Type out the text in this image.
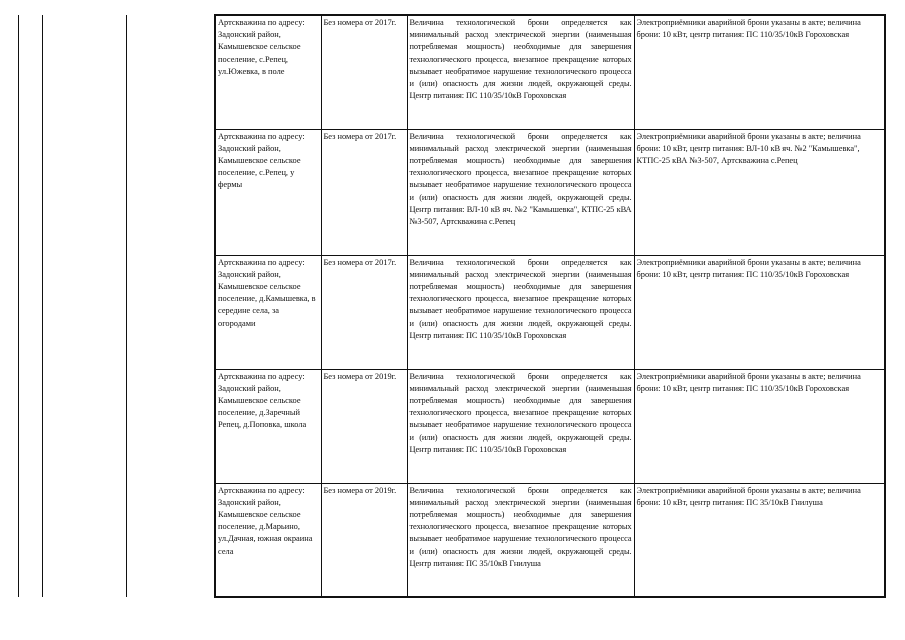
Артскважина по адресу: Задонский район, Камышевское сельское поселение, с.Репец, ул.Южевка, в поле	Без номера от 2017г.	Величина технологической брони определяется как минимальный расход электрической энергии (наименьшая потребляемая мощность) необходимые для завершения технологического процесса, внезапное прекращение которых вызывает необратимое нарушение технологического процесса и (или) опасность для жизни людей, окружающей среды. Центр питания: ПС 110/35/10кВ Гороховская	Электроприёмники аварийной брони указаны в акте; величина брони: 10 кВт, центр питания: ПС 110/35/10кВ Гороховская
Артскважина по адресу: Задонский район, Камышевское сельское поселение, с.Репец, у фермы	Без номера от 2017г.	Величина технологической брони определяется как минимальный расход электрической энергии (наименьшая потребляемая мощность) необходимые для завершения технологического процесса, внезапное прекращение которых вызывает необратимое нарушение технологического процесса и (или) опасность для жизни людей, окружающей среды. Центр питания: ВЛ-10 кВ яч. №2 "Камышевка", КТПС-25 кВА №3-507, Артскважина с.Репец	Электроприёмники аварийной брони указаны в акте; величина брони: 10 кВт, центр питания: ВЛ-10 кВ яч. №2 "Камышевка", КТПС-25 кВА №3-507, Артскважина с.Репец
Артскважина по адресу: Задонский район, Камышевское сельское поселение, д.Камышевка, в середине села, за огородами	Без номера от 2017г.	Величина технологической брони определяется как минимальный расход электрической энергии (наименьшая потребляемая мощность) необходимые для завершения технологического процесса, внезапное прекращение которых вызывает необратимое нарушение технологического процесса и (или) опасность для жизни людей, окружающей среды. Центр питания: ПС 110/35/10кВ Гороховская	Электроприёмники аварийной брони указаны в акте; величина брони: 10 кВт, центр питания: ПС 110/35/10кВ Гороховская
Артскважина по адресу: Задонский район, Камышевское сельское поселение, д.Заречный Репец, д.Поповка, школа	Без номера от 2019г.	Величина технологической брони определяется как минимальный расход электрической энергии (наименьшая потребляемая мощность) необходимые для завершения технологического процесса, внезапное прекращение которых вызывает необратимое нарушение технологического процесса и (или) опасность для жизни людей, окружающей среды. Центр питания: ПС 110/35/10кВ Гороховская	Электроприёмники аварийной брони указаны в акте; величина брони: 10 кВт, центр питания: ПС 110/35/10кВ Гороховская
Артскважина по адресу: Задонский район, Камышевское сельское поселение, д.Марьино, ул.Дачная, южная окраина села	Без номера от 2019г.	Величина технологической брони определяется как минимальный расход электрической энергии (наименьшая потребляемая мощность) необходимые для завершения технологического процесса, внезапное прекращение которых вызывает необратимое нарушение технологического процесса и (или) опасность для жизни людей, окружающей среды. Центр питания: ПС 35/10кВ Гнилуша	Электроприёмники аварийной брони указаны в акте; величина брони: 10 кВт, центр питания: ПС 35/10кВ Гнилуша
